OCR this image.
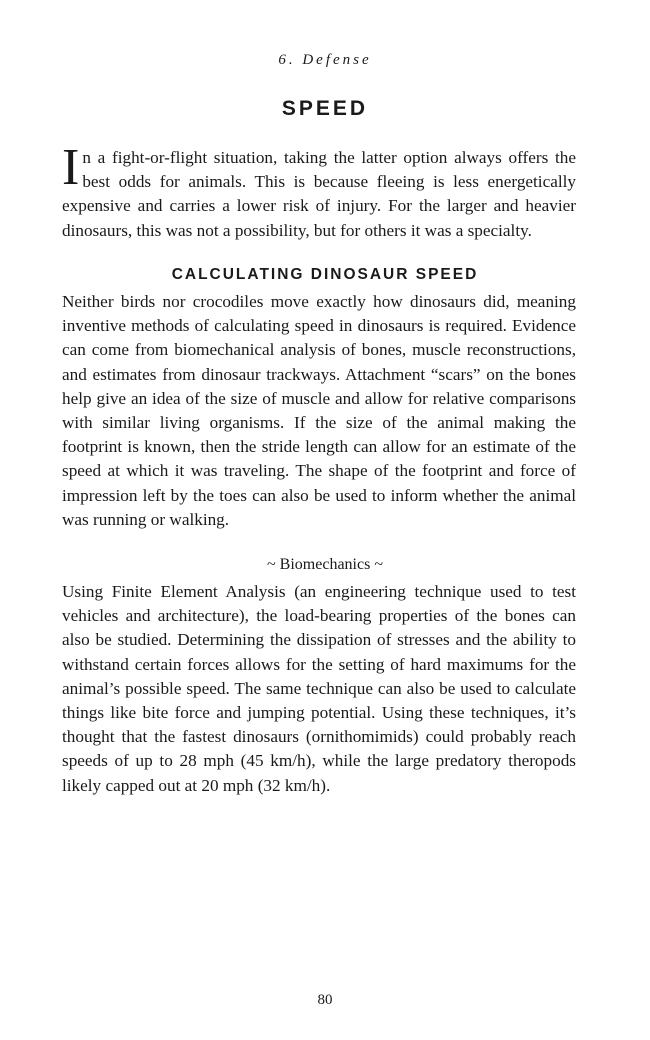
6. Defense
SPEED
In a fight-or-flight situation, taking the latter option always offers the best odds for animals. This is because fleeing is less energetically expensive and carries a lower risk of injury. For the larger and heavier dinosaurs, this was not a possibility, but for others it was a specialty.
CALCULATING DINOSAUR SPEED
Neither birds nor crocodiles move exactly how dinosaurs did, meaning inventive methods of calculating speed in dinosaurs is required. Evidence can come from biomechanical analysis of bones, muscle reconstructions, and estimates from dinosaur trackways. Attachment “scars” on the bones help give an idea of the size of muscle and allow for relative comparisons with similar living organisms. If the size of the animal making the footprint is known, then the stride length can allow for an estimate of the speed at which it was traveling. The shape of the footprint and force of impression left by the toes can also be used to inform whether the animal was running or walking.
~ Biomechanics ~
Using Finite Element Analysis (an engineering technique used to test vehicles and architecture), the load-bearing properties of the bones can also be studied. Determining the dissipation of stresses and the ability to withstand certain forces allows for the setting of hard maximums for the animal’s possible speed. The same technique can also be used to calculate things like bite force and jumping potential. Using these techniques, it’s thought that the fastest dinosaurs (ornithomimids) could probably reach speeds of up to 28 mph (45 km/h), while the large predatory theropods likely capped out at 20 mph (32 km/h).
80
